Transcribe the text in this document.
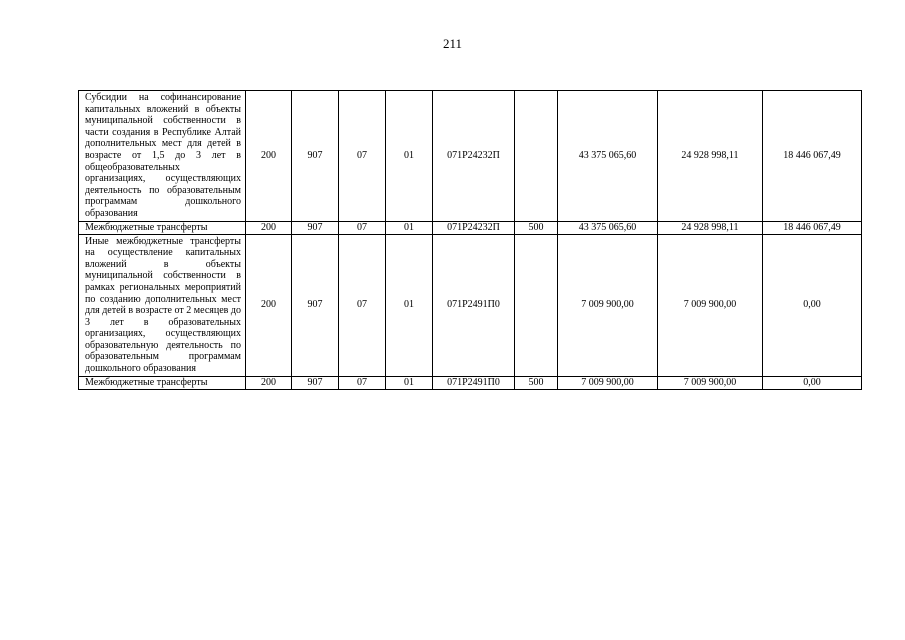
211
Субсидии на софинансирование капитальных вложений в объекты муниципальной собственности в части создания в Республике Алтай дополнительных мест для детей в возрасте от 1,5 до 3 лет в общеобразовательных организациях, осуществляющих деятельность по образовательным программам дошкольного образования	200	907	07	01	071P24232П		43 375 065,60	24 928 998,11	18 446 067,49
Межбюджетные трансферты	200	907	07	01	071P24232П	500	43 375 065,60	24 928 998,11	18 446 067,49
Иные межбюджетные трансферты на осуществление капитальных вложений в объекты муниципальной собственности в рамках региональных мероприятий по созданию дополнительных мест для детей в возрасте от 2 месяцев до 3 лет в образовательных организациях, осуществляющих образовательную деятельность по образовательным программам дошкольного образования	200	907	07	01	071P2491П0		7 009 900,00	7 009 900,00	0,00
Межбюджетные трансферты	200	907	07	01	071P2491П0	500	7 009 900,00	7 009 900,00	0,00
